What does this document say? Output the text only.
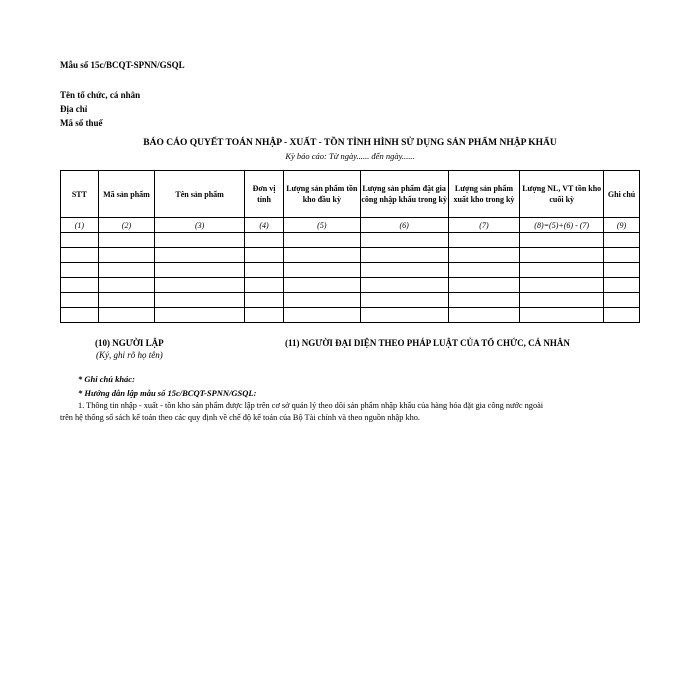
Mẫu số 15c/BCQT-SPNN/GSQL
Tên tổ chức, cá nhân
Địa chỉ
Mã số thuế
BÁO CÁO QUYẾT TOÁN NHẬP - XUẤT - TỒN TÌNH HÌNH SỬ DỤNG SẢN PHẨM NHẬP KHẨU
Kỳ báo cáo: Từ ngày...... đến ngày......
STT	Mã sản phẩm	Tên sản phẩm	Đơn vị tính	Lượng sản phẩm tồn kho đầu kỳ	Lượng sản phẩm đặt gia công nhập khẩu trong kỳ	Lượng sản phẩm xuất kho trong kỳ	Lượng NL, VT tồn kho cuối kỳ	Ghi chú
(1)	(2)	(3)	(4)	(5)	(6)	(7)	(8)=(5)+(6) - (7)	(9)

(10) NGƯỜI LẬP
(Ký, ghi rõ họ tên)
(11) NGƯỜI ĐẠI DIỆN THEO PHÁP LUẬT CỦA TỔ CHỨC, CÁ NHÂN
* Ghi chú khác:
* Hướng dẫn lập mẫu số 15c/BCQT-SPNN/GSQL:
1. Thông tin nhập - xuất - tồn kho sản phẩm được lập trên cơ sở quản lý theo dõi sản phẩm nhập khẩu của hàng hóa đặt gia công nước ngoài
trên hệ thống sổ sách kế toán theo các quy định về chế độ kế toán của Bộ Tài chính và theo nguồn nhập kho.
